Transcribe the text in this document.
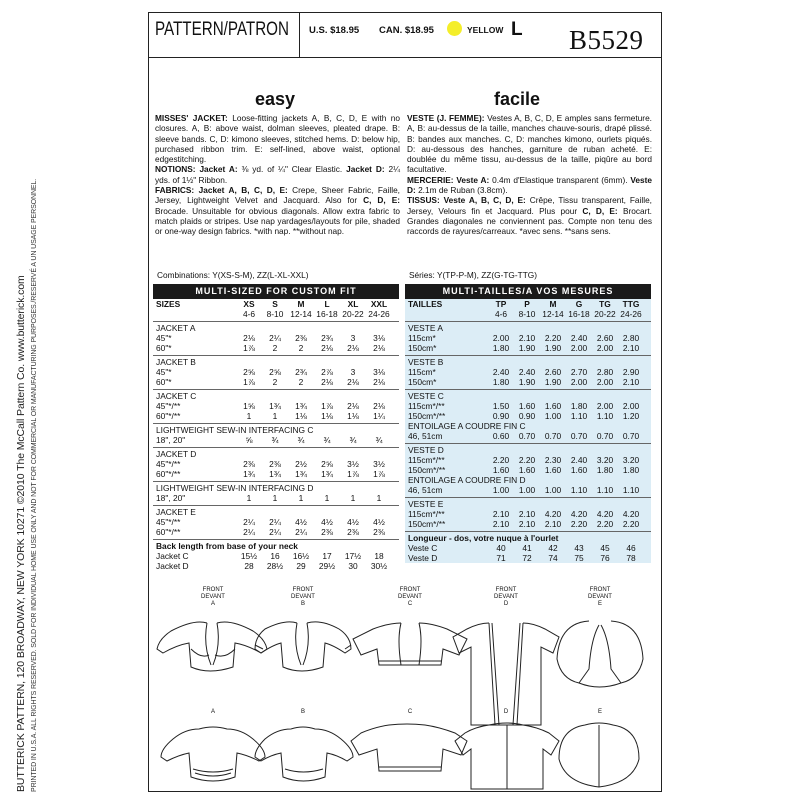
BUTTERICK PATTERN, 120 BROADWAY, NEW YORK 10271 ©2010 The McCall Pattern Co. www.butterick.com PRINTED IN U.S.A. ALL RIGHTS RESERVED. SOLD FOR INDIVIDUAL HOME USE ONLY AND NOT FOR COMMERCIAL OR MANUFACTURING PURPOSES./RESERVÉ A UN USAGE PERSONNEL.
PATTERN/PATRON U.S. $18.95 CAN. $18.95	YELLOW L B5529
easy	facile

MISSES' JACKET: Loose-fitting jackets A, B, C, D, E with no closures. A, B: above waist, dolman sleeves, pleated drape. B: sleeve bands. C, D: kimono sleeves, stitched hems. D: below hip, purchased ribbon trim. E: self-lined, above waist, optional edgestitching.

NOTIONS: Jacket A: ⅜ yd. of ¼" Clear Elastic. Jacket D: 2¼ yds. of 1½" Ribbon.

FABRICS: Jacket A, B, C, D, E: Crepe, Sheer Fabric, Faille, Jersey, Lightweight Velvet and Jacquard. Also for C, D, E: Brocade. Unsuitable for obvious diagonals. Allow extra fabric to match plaids or stripes. Use nap yardages/layouts for pile, shaded or one-way design fabrics. *with nap. **without nap.

VESTE (J. FEMME): Vestes A, B, C, D, E amples sans fermeture. A, B: au-dessus de la taille, manches chauve-souris, drapé plissé. B: bandes aux manches. C, D: manches kimono, ourlets piqués. D: au-dessous des hanches, garniture de ruban acheté. E: doublée du même tissu, au-dessus de la taille, piqûre au bord facultative.

MERCERIE: Veste A: 0.4m d'Elastique transparent (6mm). Veste D: 2.1m de Ruban (3.8cm).

TISSUS: Veste A, B, C, D, E: Crêpe, Tissu transparent, Faille, Jersey, Velours fin et Jacquard. Plus pour C, D, E: Brocart. Grandes diagonales ne conviennent pas. Compte non tenu des raccords de rayures/carreaux. *avec sens. **sans sens.

Combinations: Y(XS-S-M), ZZ(L-XL-XXL)	Séries: Y(TP-P-M), ZZ(G-TG-TTG)
MULTI-SIZED FOR CUSTOM FIT
SIZES	XS	S	M	L	XL	XXL
4-6	8-10 12-14 16-18 20-22 24-26
JACKET A
45"*	2⅛	2¼	2⅜	2¾	3	3⅛
60"*	1⅞	2	2	2⅛	2⅛	2⅛
JACKET B
45"*	2⅝	2⅝	2¾	2⅞	3	3⅛
60"*	1⅞	2	2	2⅛	2⅛	2⅛
JACKET C
45"*/**	1⅝	1¾	1¾	1⅞	2⅛	2⅛
60"*/**	1	1	1⅛	1⅛	1⅛	1¼
LIGHTWEIGHT SEW-IN INTERFACING C
18", 20"	⅝	¾	¾	¾	¾	¾
JACKET D
45"*/**	2⅜	2⅜	2½	2⅝	3½	3½
60"*/**	1¾	1¾	1¾	1¾	1⅞	1⅞
LIGHTWEIGHT SEW-IN INTERFACING D
18", 20"	1	1	1	1	1	1
JACKET E
45"*/**	2¼	2¼	4½	4½	4½	4½
60"*/**	2¼	2¼	2¼	2⅜	2⅜	2⅜
Back length from base of your neck
Jacket C	15½	16	16½	17	17½	18
Jacket D	28	28½	29	29½	30	30½
MULTI-TAILLES/A VOS MESURES
TAILLES	TP	P	M	G	TG	TTG
4-6	8-10 12-14 16-18 20-22 24-26
VESTE A
115cm*	2.00	2.10	2.20	2.40	2.60	2.80
150cm*	1.80	1.90	1.90	2.00	2.00	2.10
VESTE B
115cm*	2.40	2.40	2.60	2.70	2.80	2.90
150cm*	1.80	1.90	1.90	2.00	2.00	2.10
VESTE C
115cm*/**	1.50	1.60	1.60	1.80	2.00	2.00
150cm*/**	0.90	0.90	1.00	1.10	1.10	1.20
ENTOILAGE A COUDRE FIN C
46, 51cm	0.60	0.70	0.70	0.70	0.70	0.70
VESTE D
115cm*/**	2.20	2.20	2.30	2.40	3.20	3.20
150cm*/**	1.60	1.60	1.60	1.60	1.80	1.80
ENTOILAGE A COUDRE FIN D
46, 51cm	1.00	1.00	1.00	1.10	1.10	1.10
VESTE E
115cm*/**	2.10	2.10	4.20	4.20	4.20	4.20
150cm*/**	2.10	2.10	2.10	2.20	2.20	2.20
Longueur - dos, votre nuque à l'ourlet
Veste C	40	41	42	43	45	46
Veste D	71	72	74	75	76	78
FRONT
DEVANT
A
FRONT
DEVANT
B
FRONT
DEVANT
C
FRONT
DEVANT
D
FRONT
DEVANT
E
A	B	C	D	E
